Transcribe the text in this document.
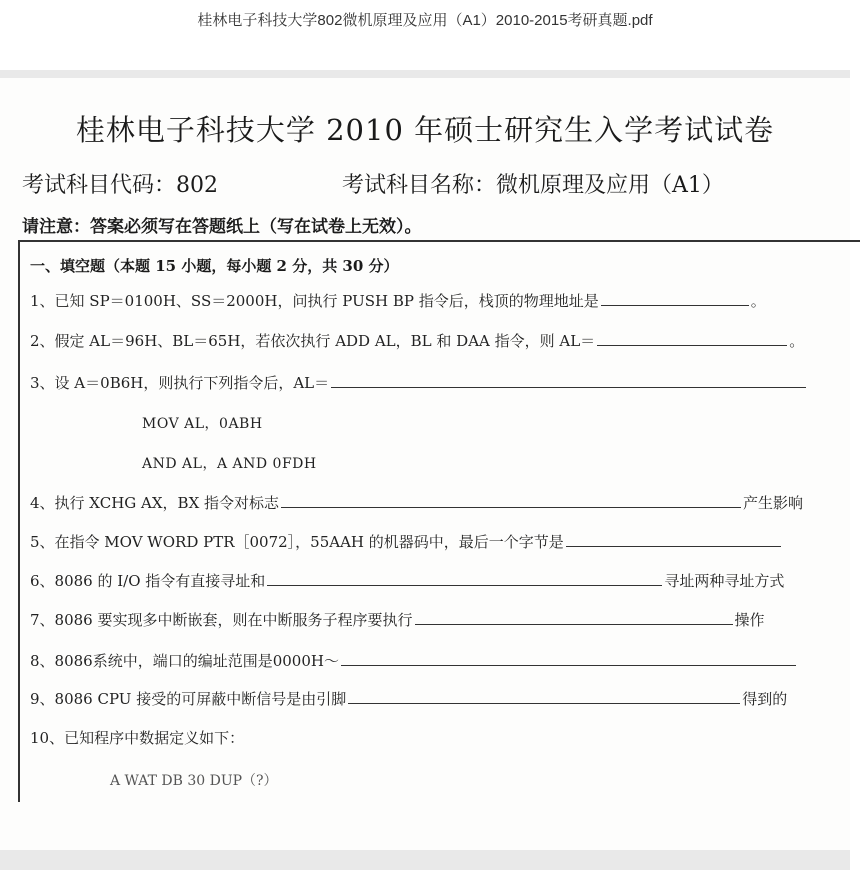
桂林电子科技大学802微机原理及应用（A1）2010-2015考研真题.pdf
桂林电子科技大学 2010 年硕士研究生入学考试试卷
考试科目代码：802	考试科目名称：微机原理及应用（A1）
请注意：答案必须写在答题纸上（写在试卷上无效）。
一、填空题（本题 15 小题，每小题 2 分，共 30 分）
1、已知 SP＝0100H、SS＝2000H，问执行 PUSH BP 指令后，栈顶的物理地址是	。
2、假定 AL＝96H、BL＝65H，若依次执行 ADD AL，BL 和 DAA 指令，则 AL＝	。
3、设 A＝0B6H，则执行下列指令后，AL＝
MOV AL，0ABH
AND AL，A AND 0FDH
4、执行 XCHG AX，BX 指令对标志	产生影响
5、在指令 MOV WORD PTR［0072］，55AAH 的机器码中，最后一个字节是
6、8086 的 I/O 指令有直接寻址和	寻址两种寻址方式
7、8086 要实现多中断嵌套，则在中断服务子程序要执行	操作
8、8086系统中，端口的编址范围是0000H～
9、8086 CPU 接受的可屏蔽中断信号是由引脚	得到的
10、已知程序中数据定义如下：
